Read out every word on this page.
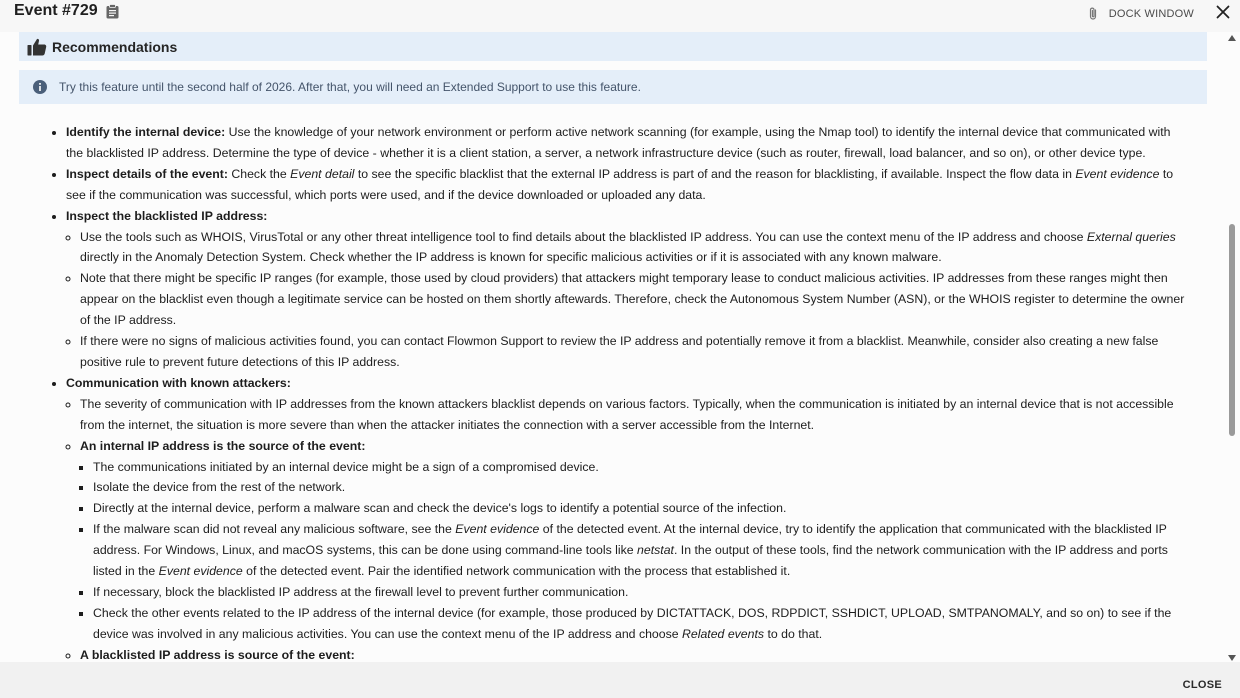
Event #729	DOCK WINDOW
Recommendations
Try this feature until the second half of 2026. After that, you will need an Extended Support to use this feature.
• Identify the internal device: Use the knowledge of your network environment or perform active network scanning (for example, using the Nmap tool) to identify the internal device that communicated with the blacklisted IP address. Determine the type of device - whether it is a client station, a server, a network infrastructure device (such as router, firewall, load balancer, and so on), or other device type.
• Inspect details of the event: Check the Event detail to see the specific blacklist that the external IP address is part of and the reason for blacklisting, if available. Inspect the flow data in Event evidence to see if the communication was successful, which ports were used, and if the device downloaded or uploaded any data.
• Inspect the blacklisted IP address:
◦ Use the tools such as WHOIS, VirusTotal or any other threat intelligence tool to find details about the blacklisted IP address. You can use the context menu of the IP address and choose External queries directly in the Anomaly Detection System. Check whether the IP address is known for specific malicious activities or if it is associated with any known malware.
◦ Note that there might be specific IP ranges (for example, those used by cloud providers) that attackers might temporary lease to conduct malicious activities. IP addresses from these ranges might then appear on the blacklist even though a legitimate service can be hosted on them shortly aftewards. Therefore, check the Autonomous System Number (ASN), or the WHOIS register to determine the owner of the IP address.
◦ If there were no signs of malicious activities found, you can contact Flowmon Support to review the IP address and potentially remove it from a blacklist. Meanwhile, consider also creating a new false positive rule to prevent future detections of this IP address.
• Communication with known attackers:
◦ The severity of communication with IP addresses from the known attackers blacklist depends on various factors. Typically, when the communication is initiated by an internal device that is not accessible from the internet, the situation is more severe than when the attacker initiates the connection with a server accessible from the Internet.
◦ An internal IP address is the source of the event:
▪ The communications initiated by an internal device might be a sign of a compromised device.
▪ Isolate the device from the rest of the network.
▪ Directly at the internal device, perform a malware scan and check the device's logs to identify a potential source of the infection.
▪ If the malware scan did not reveal any malicious software, see the Event evidence of the detected event. At the internal device, try to identify the application that communicated with the blacklisted IP address. For Windows, Linux, and macOS systems, this can be done using command-line tools like netstat. In the output of these tools, find the network communication with the IP address and ports listed in the Event evidence of the detected event. Pair the identified network communication with the process that established it.
▪ If necessary, block the blacklisted IP address at the firewall level to prevent further communication.
▪ Check the other events related to the IP address of the internal device (for example, those produced by DICTATTACK, DOS, RDPDICT, SSHDICT, UPLOAD, SMTPANOMALY, and so on) to see if the device was involved in any malicious activities. You can use the context menu of the IP address and choose Related events to do that.
◦ A blacklisted IP address is source of the event:
CLOSE
